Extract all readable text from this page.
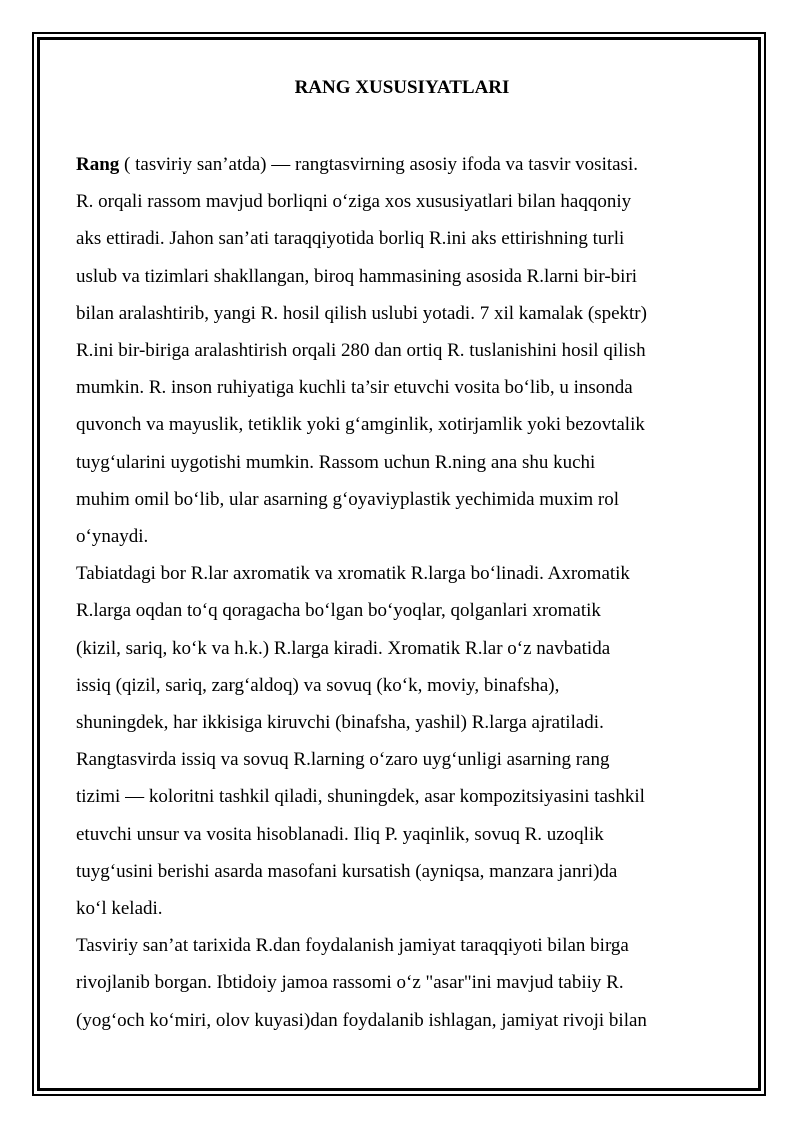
RANG XUSUSIYATLARI
Rang ( tasviriy san’atda) — rangtasvirning asosiy ifoda va tasvir vositasi.
R. orqali rassom mavjud borliqni o‘ziga xos xususiyatlari bilan haqqoniy
aks ettiradi. Jahon san’ati taraqqiyotida borliq R.ini aks ettirishning turli
uslub va tizimlari shakllangan, biroq hammasining asosida R.larni bir-biri
bilan aralashtirib, yangi R. hosil qilish uslubi yotadi. 7 xil kamalak (spektr)
R.ini bir-biriga aralashtirish orqali 280 dan ortiq R. tuslanishini hosil qilish
mumkin. R. inson ruhiyatiga kuchli ta’sir etuvchi vosita bo‘lib, u insonda
quvonch va mayuslik, tetiklik yoki g‘amginlik, xotirjamlik yoki bezovtalik
tuyg‘ularini uygotishi mumkin. Rassom uchun R.ning ana shu kuchi
muhim omil bo‘lib, ular asarning g‘oyaviyplastik yechimida muxim rol
o‘ynaydi.
Tabiatdagi bor R.lar axromatik va xromatik R.larga bo‘linadi. Axromatik
R.larga oqdan to‘q qoragacha bo‘lgan bo‘yoqlar, qolganlari xromatik
(kizil, sariq, ko‘k va h.k.) R.larga kiradi. Xromatik R.lar o‘z navbatida
issiq (qizil, sariq, zarg‘aldoq) va sovuq (ko‘k, moviy, binafsha),
shuningdek, har ikkisiga kiruvchi (binafsha, yashil) R.larga ajratiladi.
Rangtasvirda issiq va sovuq R.larning o‘zaro uyg‘unligi asarning rang
tizimi — koloritni tashkil qiladi, shuningdek, asar kompozitsiyasini tashkil
etuvchi unsur va vosita hisoblanadi. Iliq P. yaqinlik, sovuq R. uzoqlik
tuyg‘usini berishi asarda masofani kursatish (ayniqsa, manzara janri)da
ko‘l keladi.
Tasviriy san’at tarixida R.dan foydalanish jamiyat taraqqiyoti bilan birga
rivojlanib borgan. Ibtidoiy jamoa rassomi o‘z "asar"ini mavjud tabiiy R.
(yog‘och ko‘miri, olov kuyasi)dan foydalanib ishlagan, jamiyat rivoji bilan
